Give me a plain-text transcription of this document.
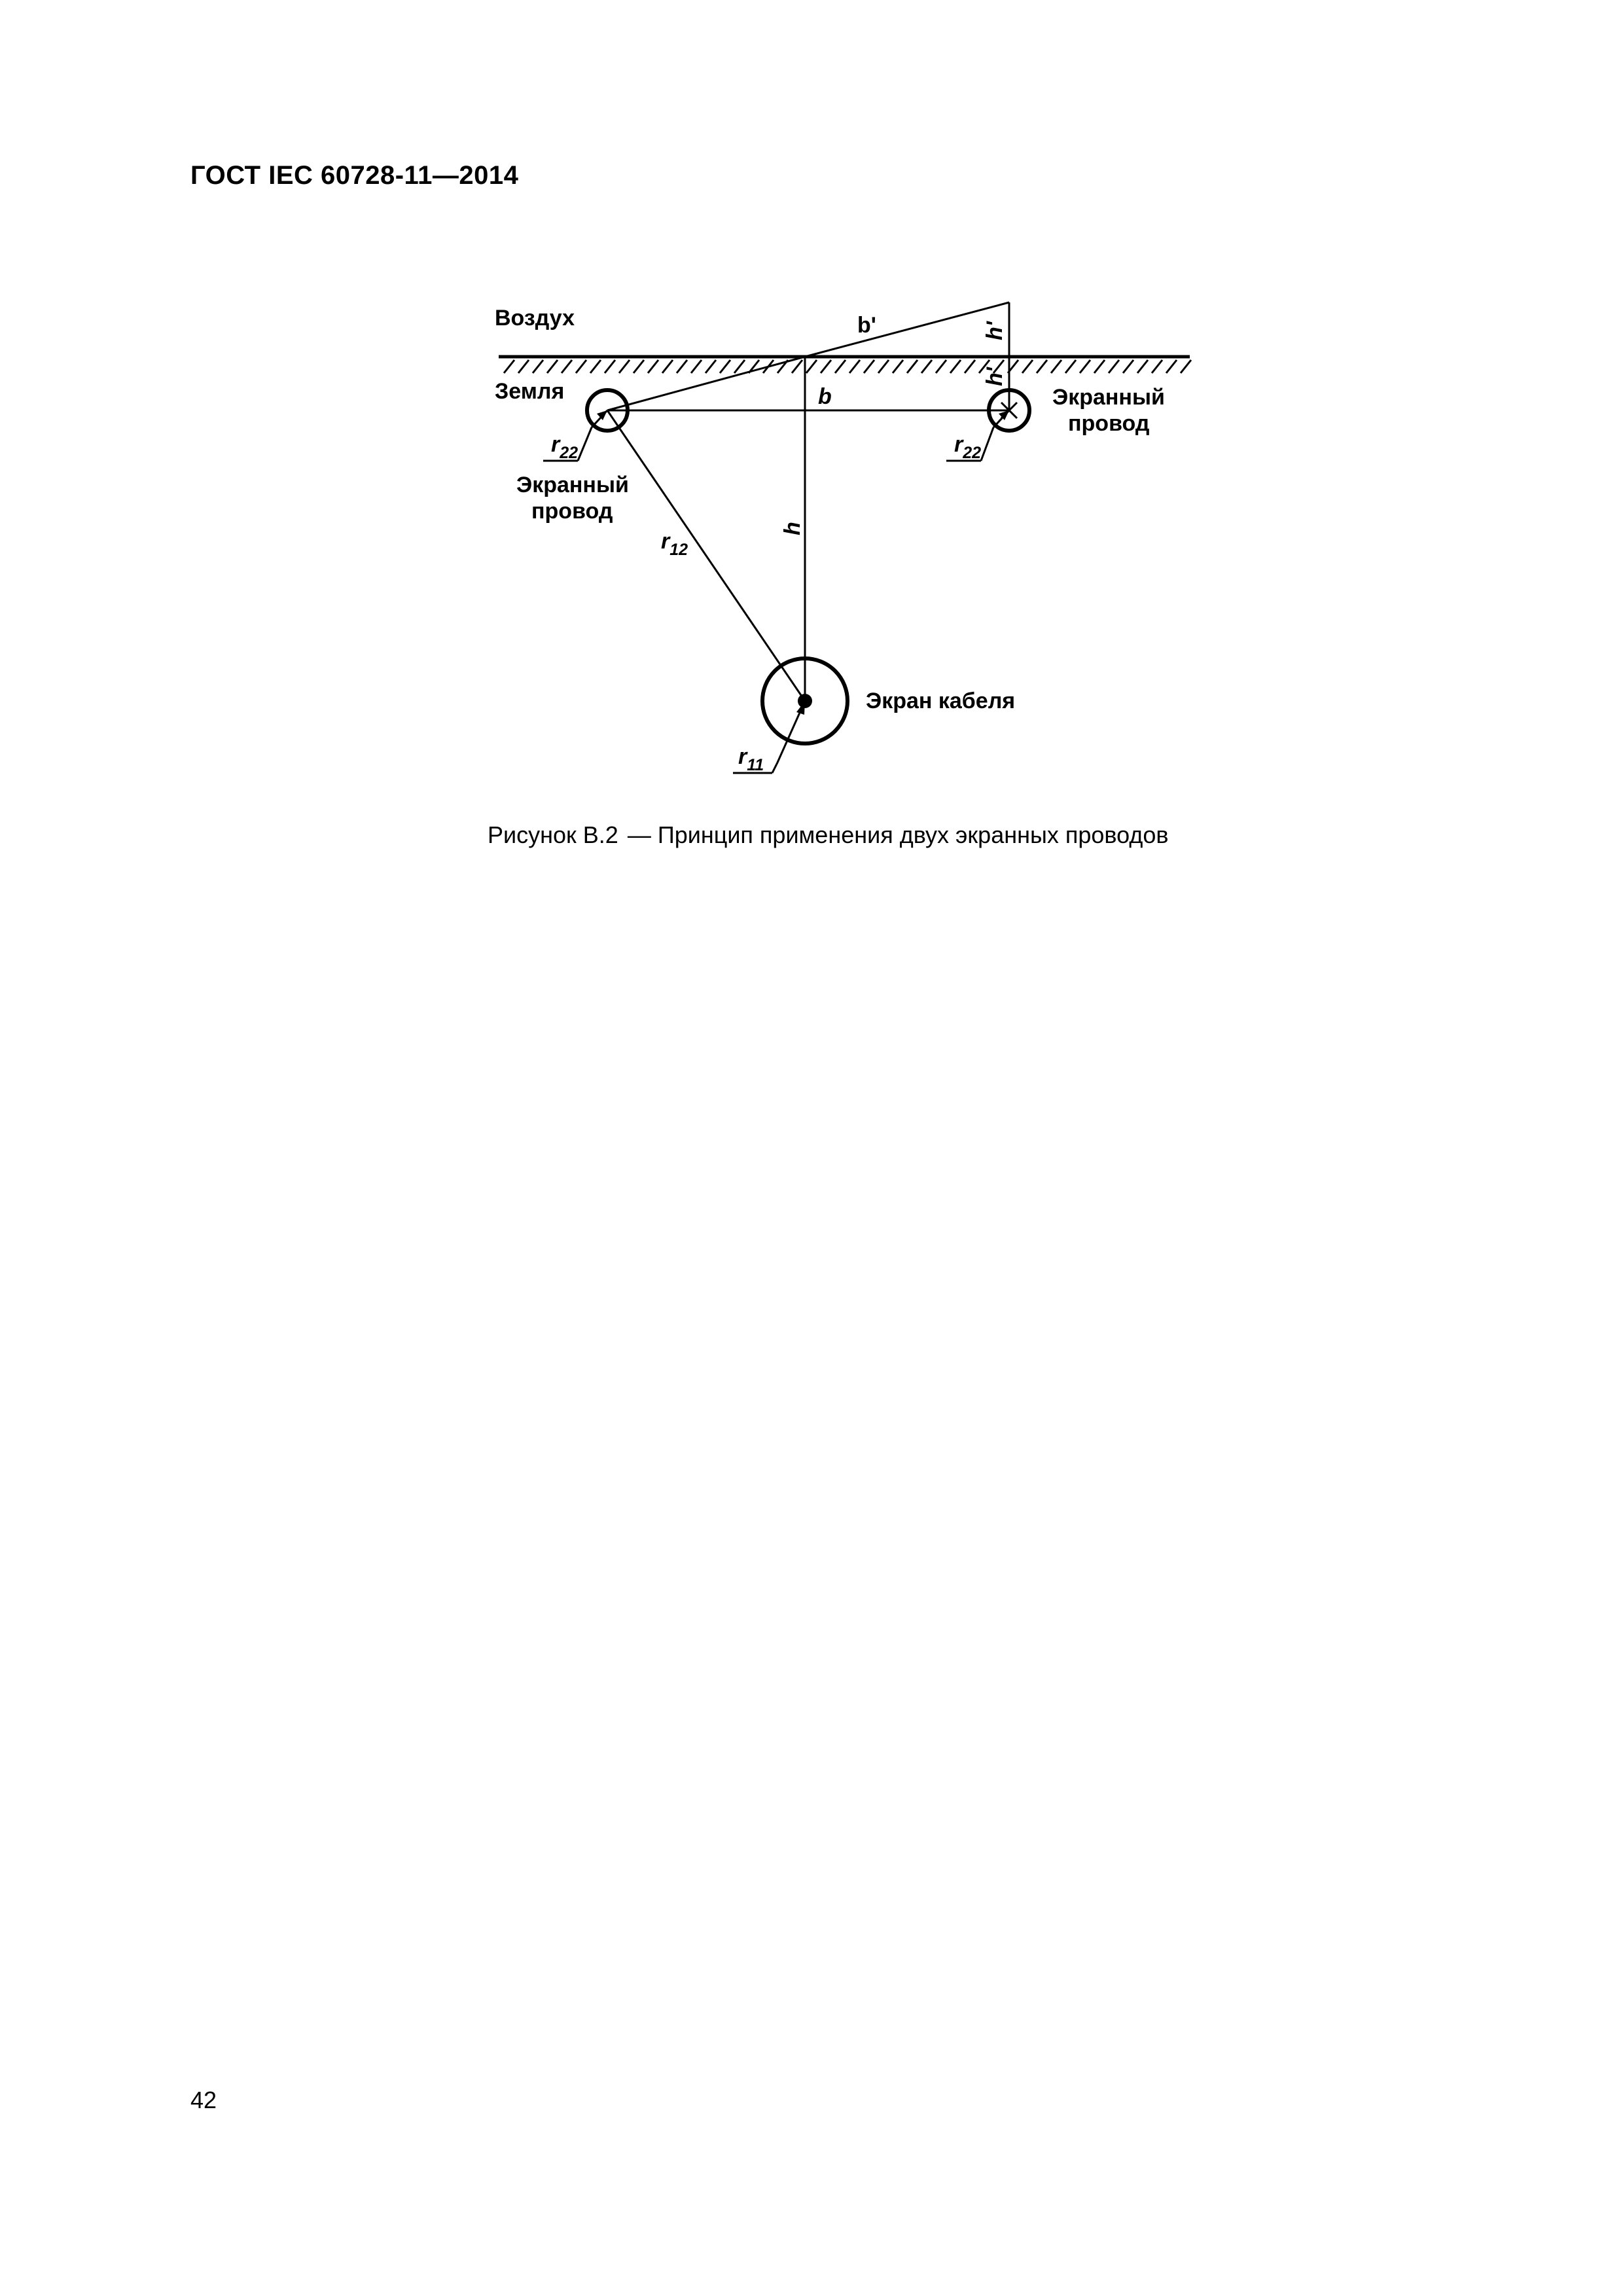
ГОСТ IEC 60728-11—2014
Воздух
Земля
Экранный
провод
Экранный
провод
Экран кабеля
b'
b
h
h'
h'
r12
r22	r22
r11
Рисунок В.2 — Принцип применения двух экранных проводов
42
